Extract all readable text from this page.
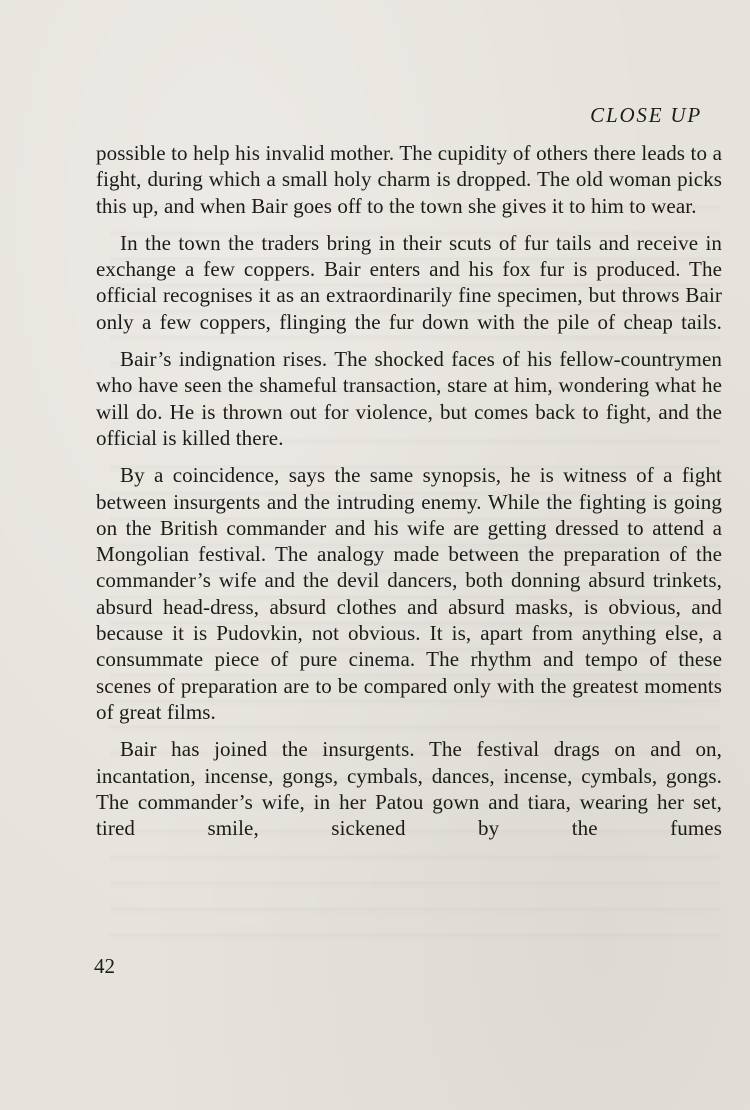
CLOSE UP

possible to help his invalid mother. The cupidity of others there leads to a fight, during which a small holy charm is dropped. The old woman picks this up, and when Bair goes off to the town she gives it to him to wear.

In the town the traders bring in their scuts of fur tails and receive in exchange a few coppers. Bair enters and his fox fur is produced. The official recognises it as an extraordinarily fine specimen, but throws Bair only a few coppers, flinging the fur down with the pile of cheap tails.

Bair’s indignation rises. The shocked faces of his fellow-countrymen who have seen the shameful transaction, stare at him, wondering what he will do. He is thrown out for violence, but comes back to fight, and the official is killed there.

By a coincidence, says the same synopsis, he is witness of a fight between insurgents and the intruding enemy. While the fighting is going on the British commander and his wife are getting dressed to attend a Mongolian festival. The analogy made between the preparation of the commander’s wife and the devil dancers, both donning absurd trinkets, absurd head-dress, absurd clothes and absurd masks, is obvious, and because it is Pudovkin, not obvious. It is, apart from anything else, a consummate piece of pure cinema. The rhythm and tempo of these scenes of preparation are to be compared only with the greatest moments of great films.

Bair has joined the insurgents. The festival drags on and on, incantation, incense, gongs, cymbals, dances, incense, cymbals, gongs. The commander’s wife, in her Patou gown and tiara, wearing her set, tired smile, sickened by the fumes

42
